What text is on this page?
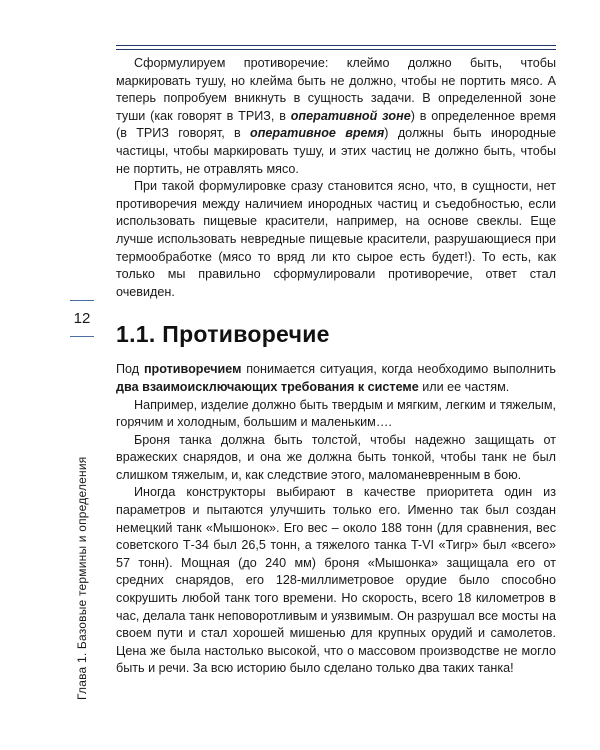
12
Глава 1. Базовые термины и определения

Сформулируем противоречие: клеймо должно быть, чтобы маркировать тушу, но клейма быть не должно, чтобы не портить мясо. А теперь попробуем вникнуть в сущность задачи. В определенной зоне туши (как говорят в ТРИЗ, в оперативной зоне) в определенное время (в ТРИЗ говорят, в оперативное время) должны быть инородные частицы, чтобы маркировать тушу, и этих частиц не должно быть, чтобы не портить, не отравлять мясо.

При такой формулировке сразу становится ясно, что, в сущности, нет противоречия между наличием инородных частиц и съедобностью, если использовать пищевые красители, например, на основе свеклы. Еще лучше использовать невредные пищевые красители, разрушающиеся при термообработке (мясо то вряд ли кто сырое есть будет!). То есть, как только мы правильно сформулировали противоречие, ответ стал очевиден.

1.1. Противоречие

Под противоречием понимается ситуация, когда необходимо выполнить два взаимоисключающих требования к системе или ее частям.

Например, изделие должно быть твердым и мягким, легким и тяжелым, горячим и холодным, большим и маленьким….

Броня танка должна быть толстой, чтобы надежно защищать от вражеских снарядов, и она же должна быть тонкой, чтобы танк не был слишком тяжелым, и, как следствие этого, маломаневренным в бою.

Иногда конструкторы выбирают в качестве приоритета один из параметров и пытаются улучшить только его. Именно так был создан немецкий танк «Мышонок». Его вес – около 188 тонн (для сравнения, вес советского Т-34 был 26,5 тонн, а тяжелого танка T-VI «Тигр» был «всего» 57 тонн). Мощная (до 240 мм) броня «Мышонка» защищала его от средних снарядов, его 128-миллиметровое орудие было способно сокрушить любой танк того времени. Но скорость, всего 18 километров в час, делала танк неповоротливым и уязвимым. Он разрушал все мосты на своем пути и стал хорошей мишенью для крупных орудий и самолетов. Цена же была настолько высокой, что о массовом производстве не могло быть и речи. За всю историю было сделано только два таких танка!
